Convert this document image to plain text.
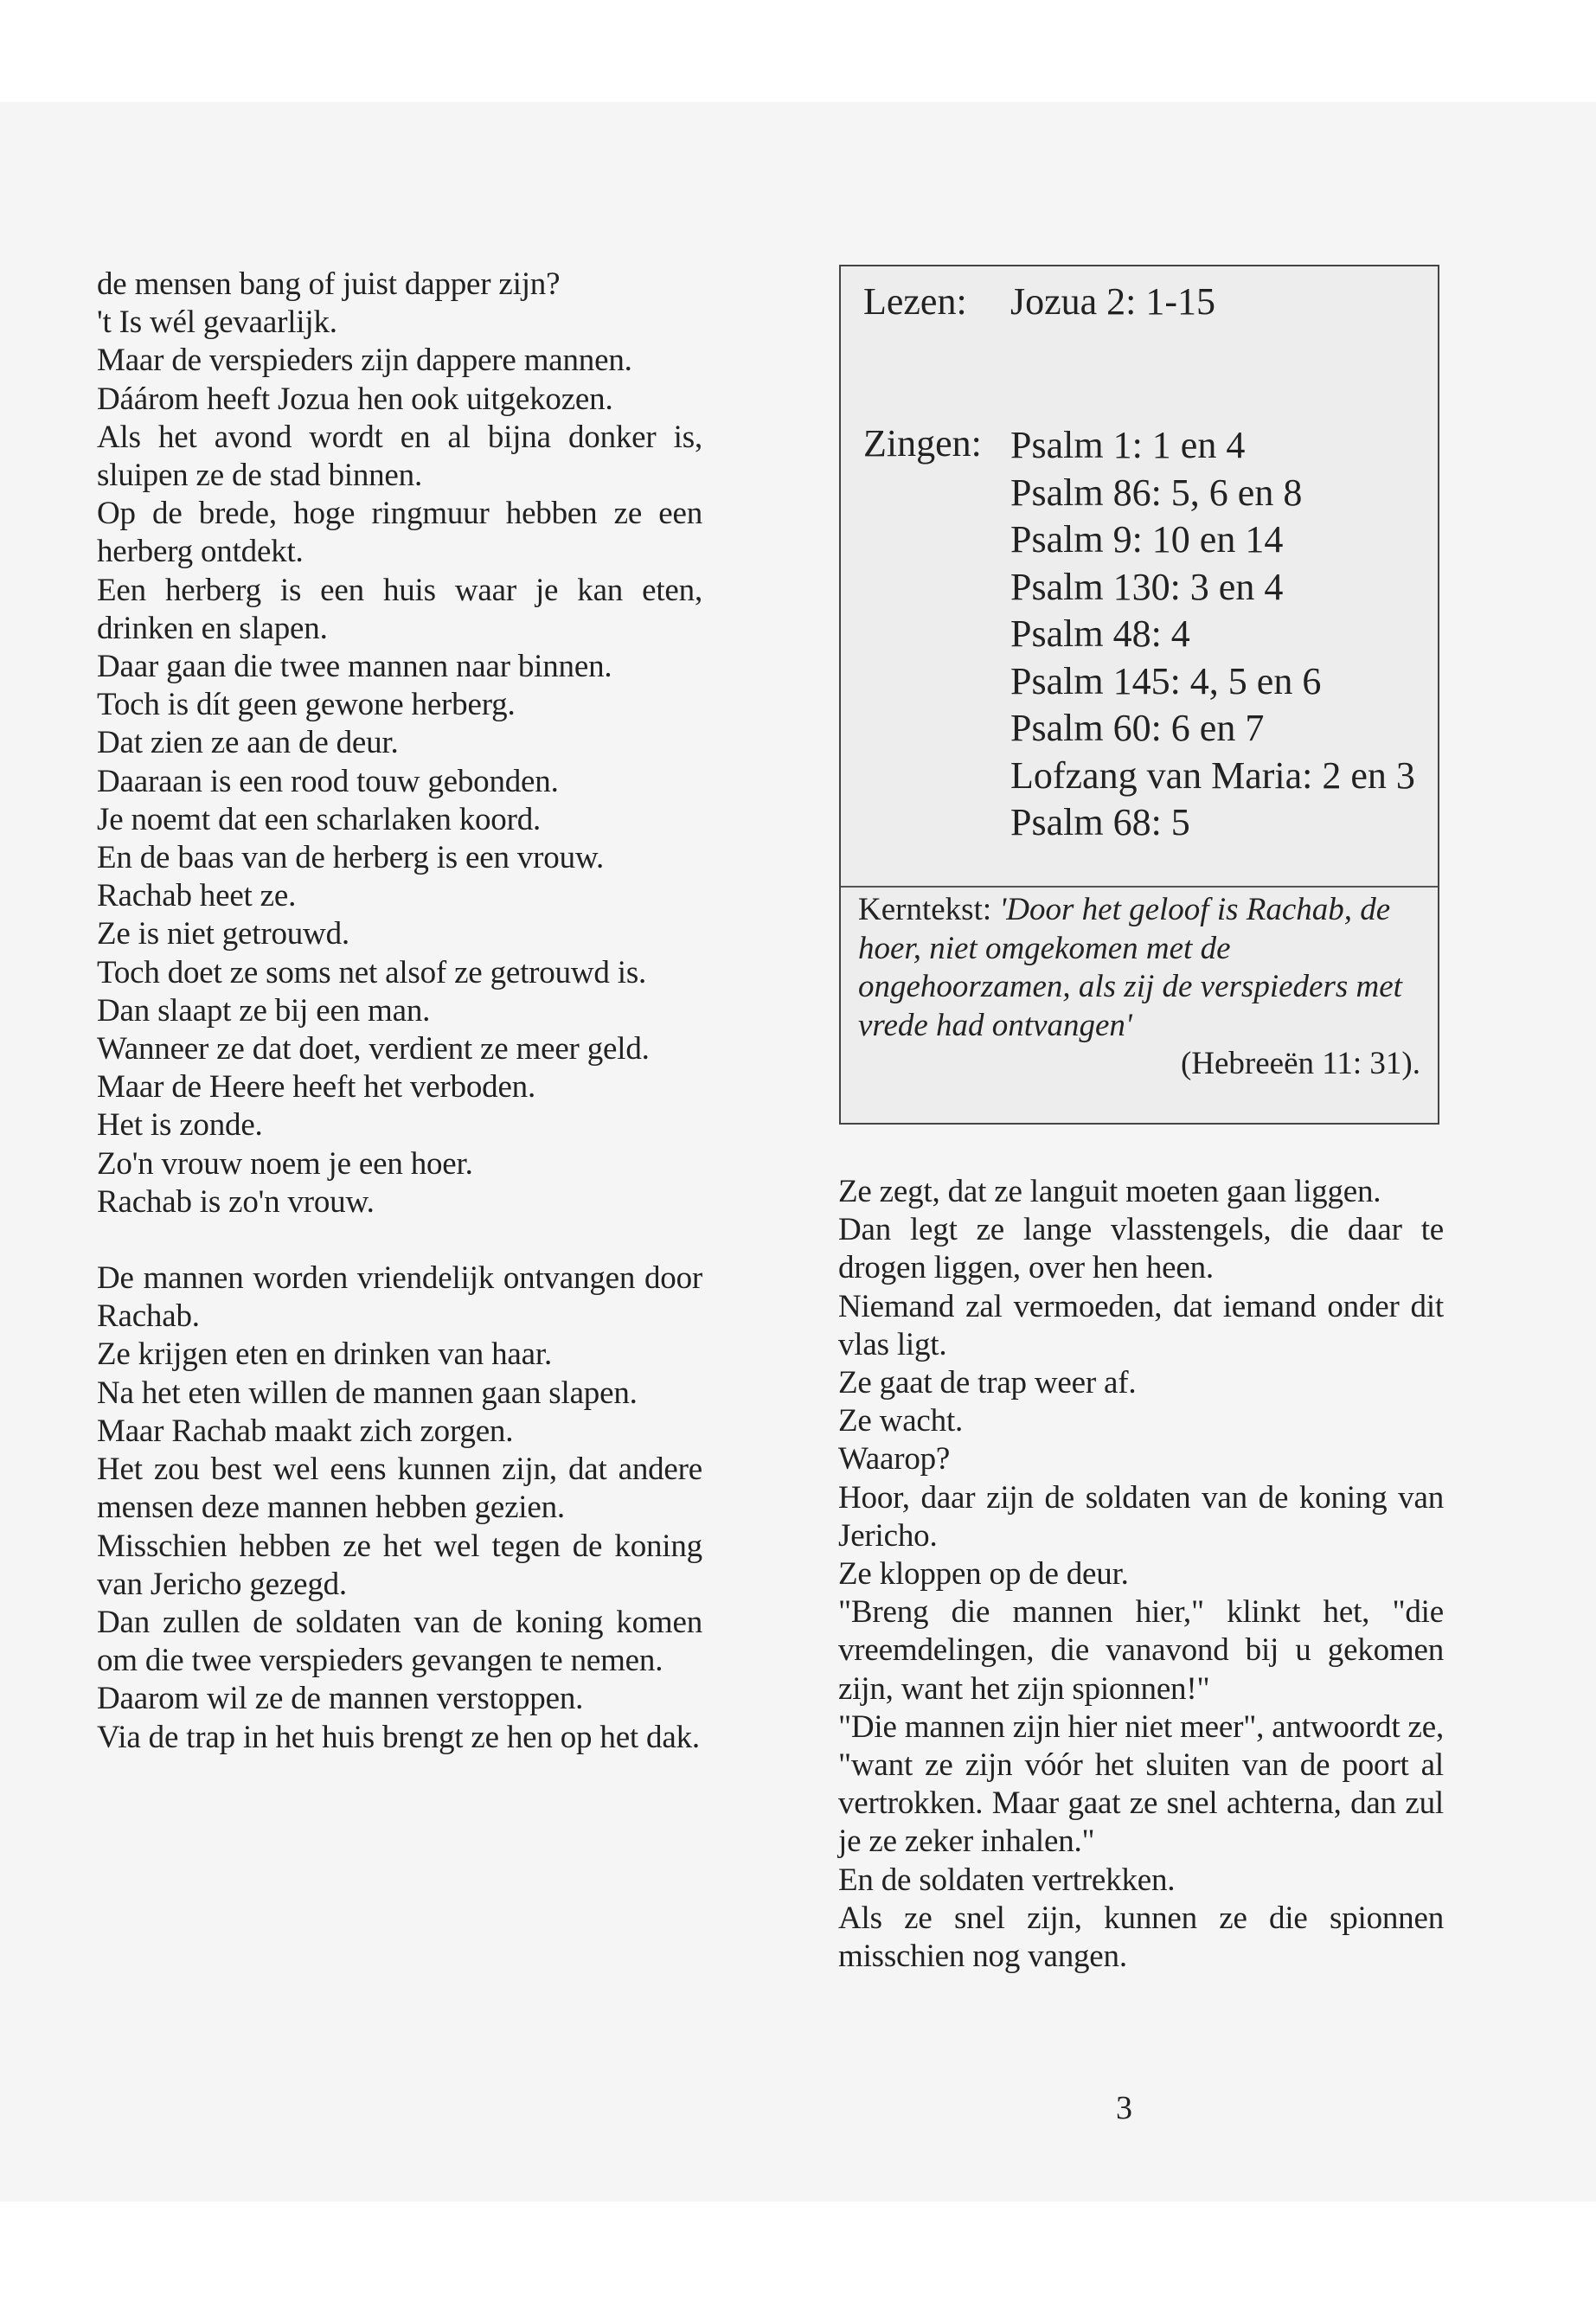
de mensen bang of juist dapper zijn?

't Is wél gevaarlijk.

Maar de verspieders zijn dappere mannen.

Dáárom heeft Jozua hen ook uitgekozen.

Als het avond wordt en al bijna donker is, sluipen ze de stad binnen.

Op de brede, hoge ringmuur hebben ze een herberg ontdekt.

Een herberg is een huis waar je kan eten, drinken en slapen.

Daar gaan die twee mannen naar binnen.

Toch is dít geen gewone herberg.

Dat zien ze aan de deur.

Daaraan is een rood touw gebonden.

Je noemt dat een scharlaken koord.

En de baas van de herberg is een vrouw.

Rachab heet ze.

Ze is niet getrouwd.

Toch doet ze soms net alsof ze getrouwd is.

Dan slaapt ze bij een man.

Wanneer ze dat doet, verdient ze meer geld.

Maar de Heere heeft het verboden.

Het is zonde.

Zo'n vrouw noem je een hoer.

Rachab is zo'n vrouw.

De mannen worden vriendelijk ontvangen door Rachab.

Ze krijgen eten en drinken van haar.

Na het eten willen de mannen gaan slapen.

Maar Rachab maakt zich zorgen.

Het zou best wel eens kunnen zijn, dat andere mensen deze mannen hebben gezien.

Misschien hebben ze het wel tegen de koning van Jericho gezegd.

Dan zullen de soldaten van de koning komen om die twee verspieders gevangen te nemen.

Daarom wil ze de mannen verstoppen.

Via de trap in het huis brengt ze hen op het dak.

Lezen: Jozua 2: 1-15
Zingen: Psalm 1: 1 en 4
Psalm 86: 5, 6 en 8
Psalm 9: 10 en 14
Psalm 130: 3 en 4
Psalm 48: 4
Psalm 145: 4, 5 en 6
Psalm 60: 6 en 7
Lofzang van Maria: 2 en 3
Psalm 68: 5
Kerntekst: 'Door het geloof is Rachab, de hoer, niet omgekomen met de ongehoorzamen, als zij de verspieders met vrede had ontvangen'
(Hebreeën 11: 31).

Ze zegt, dat ze languit moeten gaan liggen.

Dan legt ze lange vlasstengels, die daar te drogen liggen, over hen heen.

Niemand zal vermoeden, dat iemand onder dit vlas ligt.

Ze gaat de trap weer af.

Ze wacht.

Waarop?

Hoor, daar zijn de soldaten van de koning van Jericho.

Ze kloppen op de deur.

"Breng die mannen hier," klinkt het, "die vreemdelingen, die vanavond bij u gekomen zijn, want het zijn spionnen!"

"Die mannen zijn hier niet meer", antwoordt ze, "want ze zijn vóór het sluiten van de poort al vertrokken. Maar gaat ze snel achterna, dan zul je ze zeker inhalen."

En de soldaten vertrekken.

Als ze snel zijn, kunnen ze die spionnen misschien nog vangen.

3
